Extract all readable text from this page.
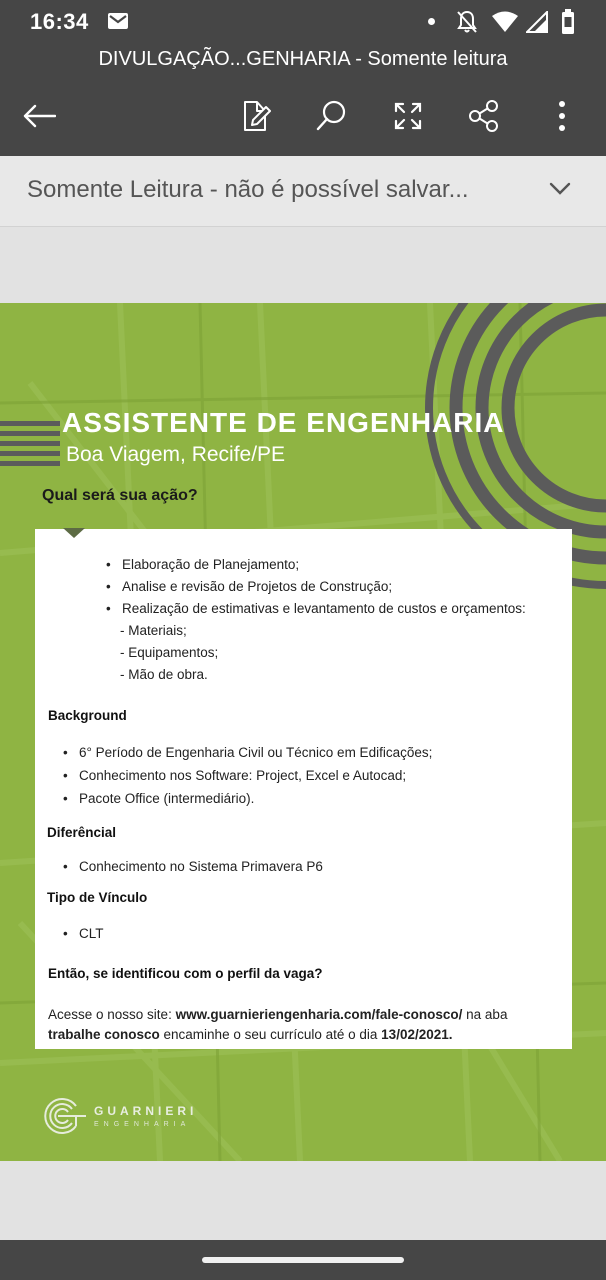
16:34
DIVULGAÇÃO...GENHARIA - Somente leitura
Somente Leitura - não é possível salvar...
ASSISTENTE DE ENGENHARIA
Boa Viagem, Recife/PE
Qual será sua ação?
• Elaboração de Planejamento;
• Analise e revisão de Projetos de Construção;
• Realização de estimativas e levantamento de custos e orçamentos:
- Materiais;
- Equipamentos;
- Mão de obra.
Background
• 6° Período de Engenharia Civil ou Técnico em Edificações;
• Conhecimento nos Software: Project, Excel e Autocad;
• Pacote Office (intermediário).
Diferêncial
• Conhecimento no Sistema Primavera P6
Tipo de Vínculo
• CLT
Então, se identificou com o perfil da vaga?
Acesse o nosso site: www.guarnieriengenharia.com/fale-conosco/ na aba
trabalhe conosco encaminhe o seu currículo até o dia 13/02/2021.
GUARNIERI
ENGENHARIA
